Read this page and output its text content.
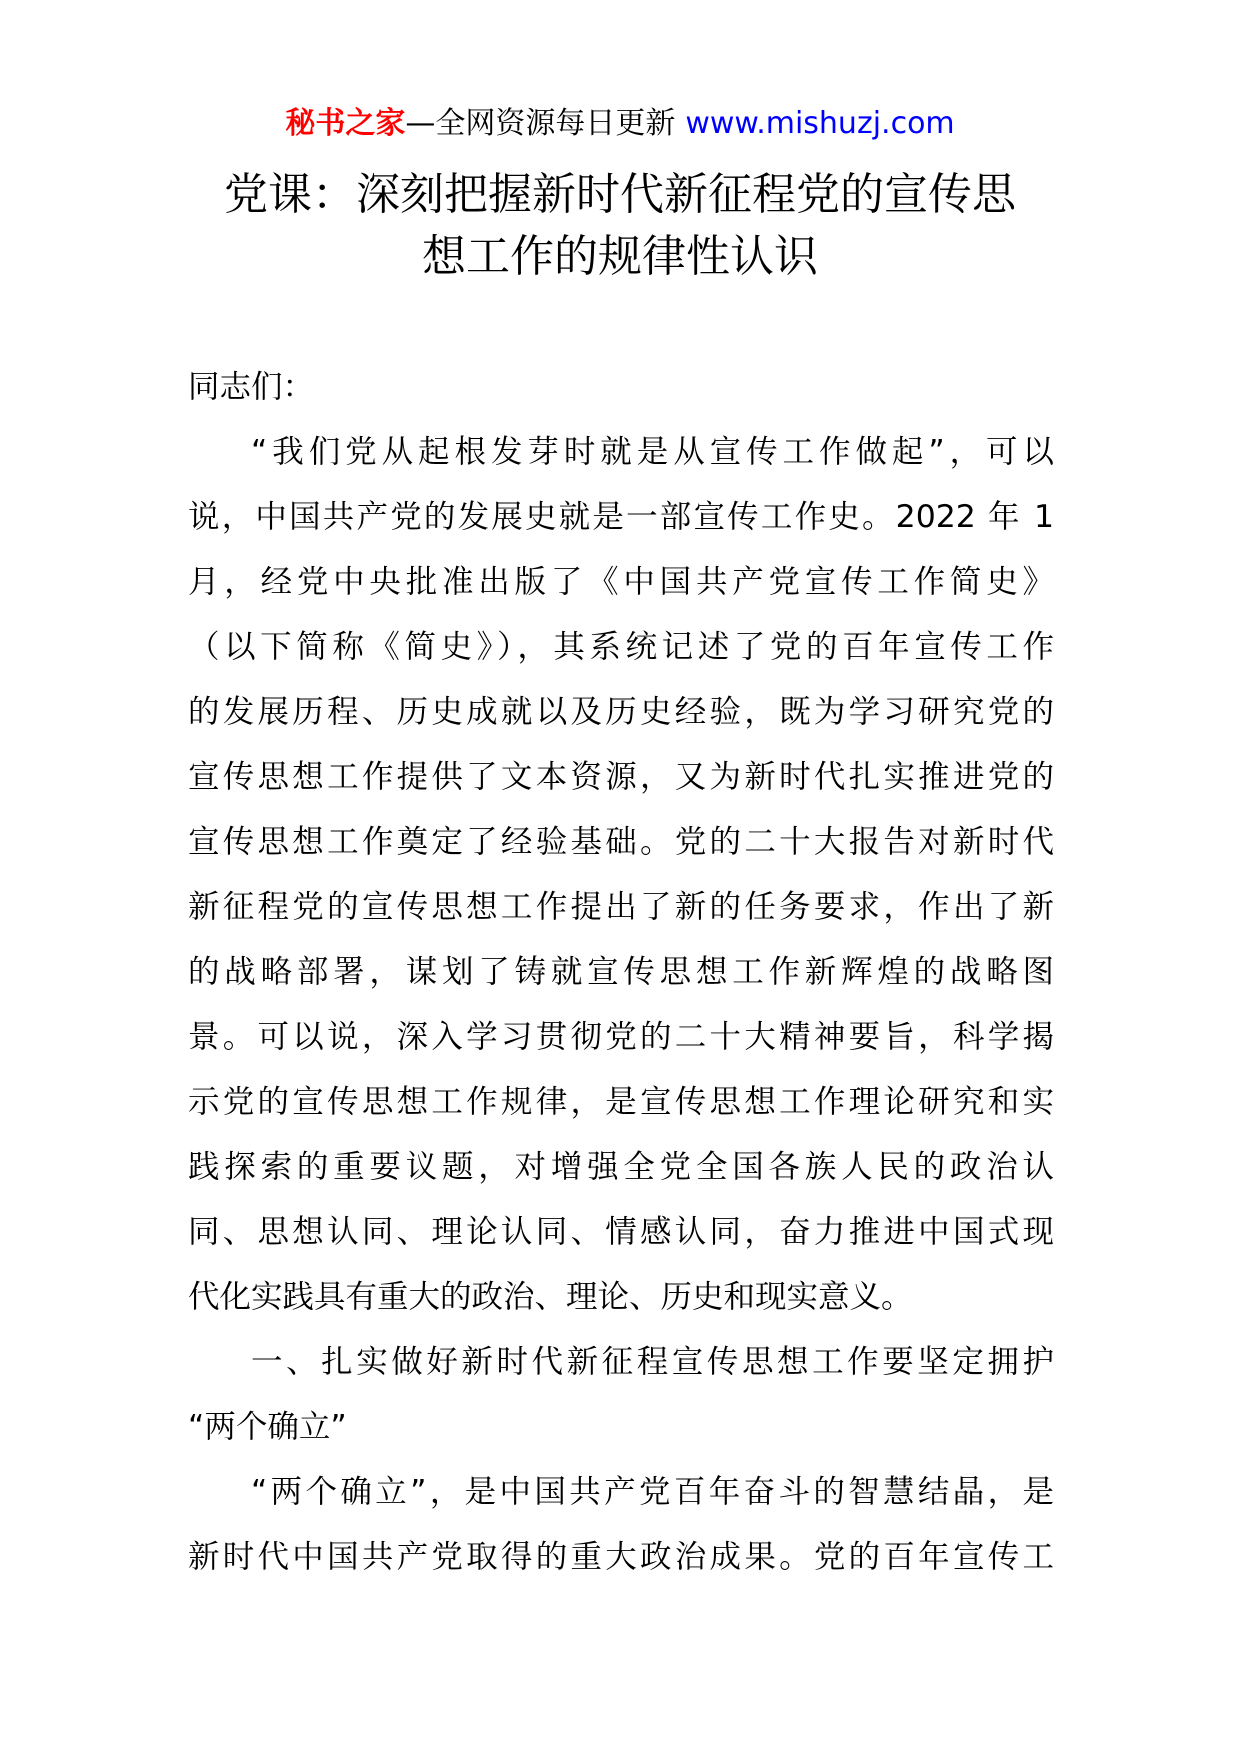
秘书之家—全网资源每日更新 www.mishuzj.com
党课：深刻把握新时代新征程党的宣传思
想工作的规律性认识

同志们：

“我们党从起根发芽时就是从宣传工作做起”，可以
说，中国共产党的发展史就是一部宣传工作史。2022 年 1
月，经党中央批准出版了《中国共产党宣传工作简史》
（以下简称《简史》），其系统记述了党的百年宣传工作
的发展历程、历史成就以及历史经验，既为学习研究党的
宣传思想工作提供了文本资源，又为新时代扎实推进党的
宣传思想工作奠定了经验基础。党的二十大报告对新时代
新征程党的宣传思想工作提出了新的任务要求，作出了新
的战略部署，谋划了铸就宣传思想工作新辉煌的战略图
景。可以说，深入学习贯彻党的二十大精神要旨，科学揭
示党的宣传思想工作规律，是宣传思想工作理论研究和实
践探索的重要议题，对增强全党全国各族人民的政治认
同、思想认同、理论认同、情感认同，奋力推进中国式现
代化实践具有重大的政治、理论、历史和现实意义。

一、扎实做好新时代新征程宣传思想工作要坚定拥护
“两个确立”

“两个确立”，是中国共产党百年奋斗的智慧结晶，是
新时代中国共产党取得的重大政治成果。党的百年宣传工
